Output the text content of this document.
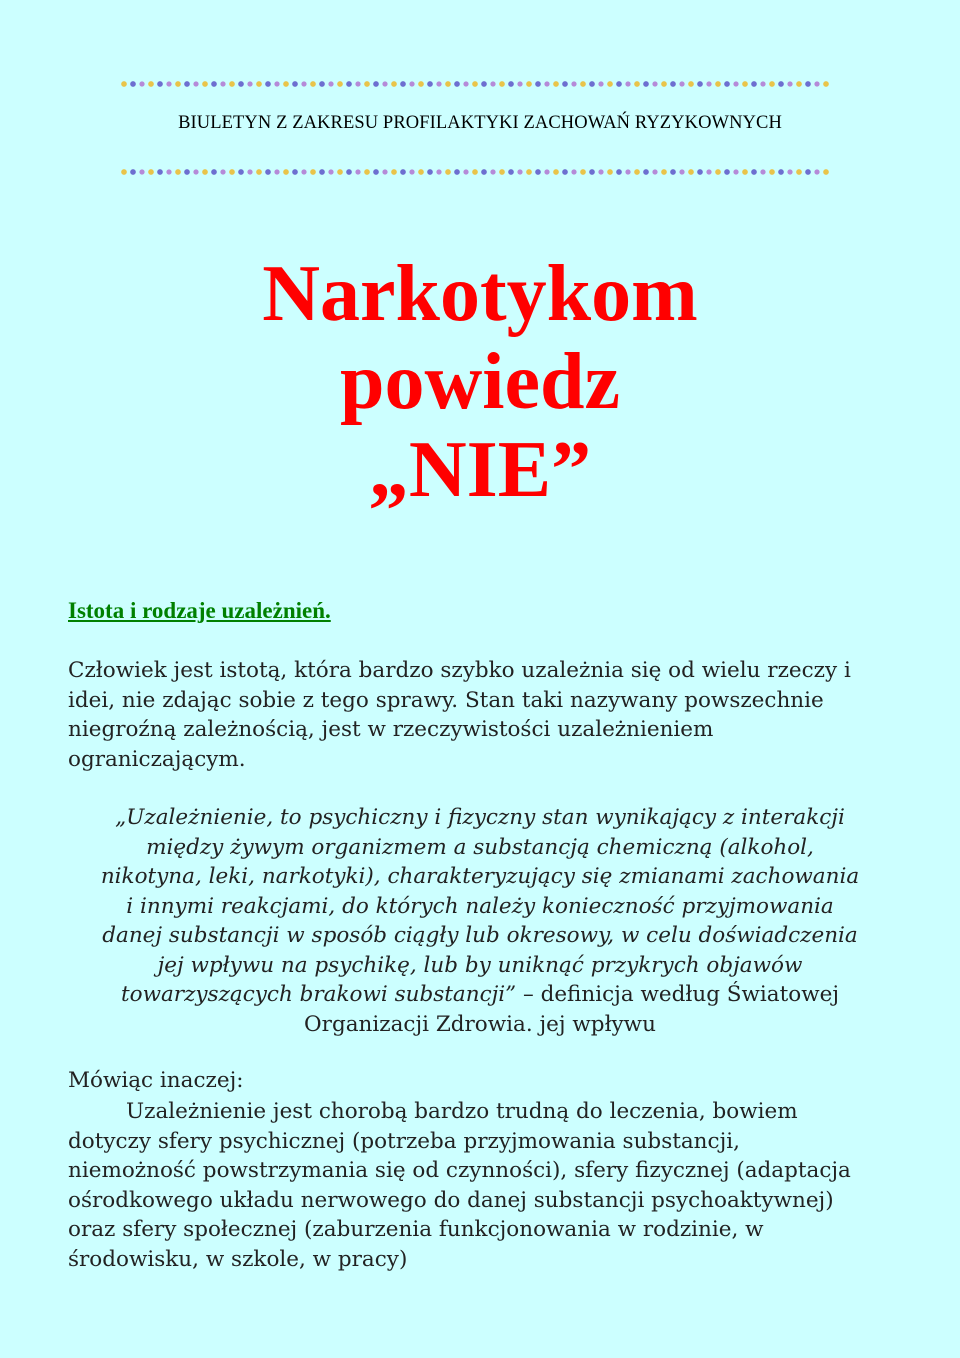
BIULETYN Z ZAKRESU PROFILAKTYKI ZACHOWAŃ RYZYKOWNYCH
Narkotykom
powiedz
„NIE”
Istota i rodzaje uzależnień.
Człowiek jest istotą, która bardzo szybko uzależnia się od wielu rzeczy i
idei, nie zdając sobie z tego sprawy. Stan taki nazywany powszechnie
niegroźną zależnością, jest w rzeczywistości uzależnieniem
ograniczającym.
„Uzależnienie, to psychiczny i fizyczny stan wynikający z interakcji
między żywym organizmem a substancją chemiczną (alkohol,
nikotyna, leki, narkotyki), charakteryzujący się zmianami zachowania
i innymi reakcjami, do których należy konieczność przyjmowania
danej substancji w sposób ciągły lub okresowy, w celu doświadczenia
jej wpływu na psychikę, lub by uniknąć przykrych objawów
towarzyszących brakowi substancji” – definicja według Światowej
Organizacji Zdrowia. jej wpływu
Mówiąc inaczej:
Uzależnienie jest chorobą bardzo trudną do leczenia, bowiem
dotyczy sfery psychicznej (potrzeba przyjmowania substancji,
niemożność powstrzymania się od czynności), sfery fizycznej (adaptacja
ośrodkowego układu nerwowego do danej substancji psychoaktywnej)
oraz sfery społecznej (zaburzenia funkcjonowania w rodzinie, w
środowisku, w szkole, w pracy)
